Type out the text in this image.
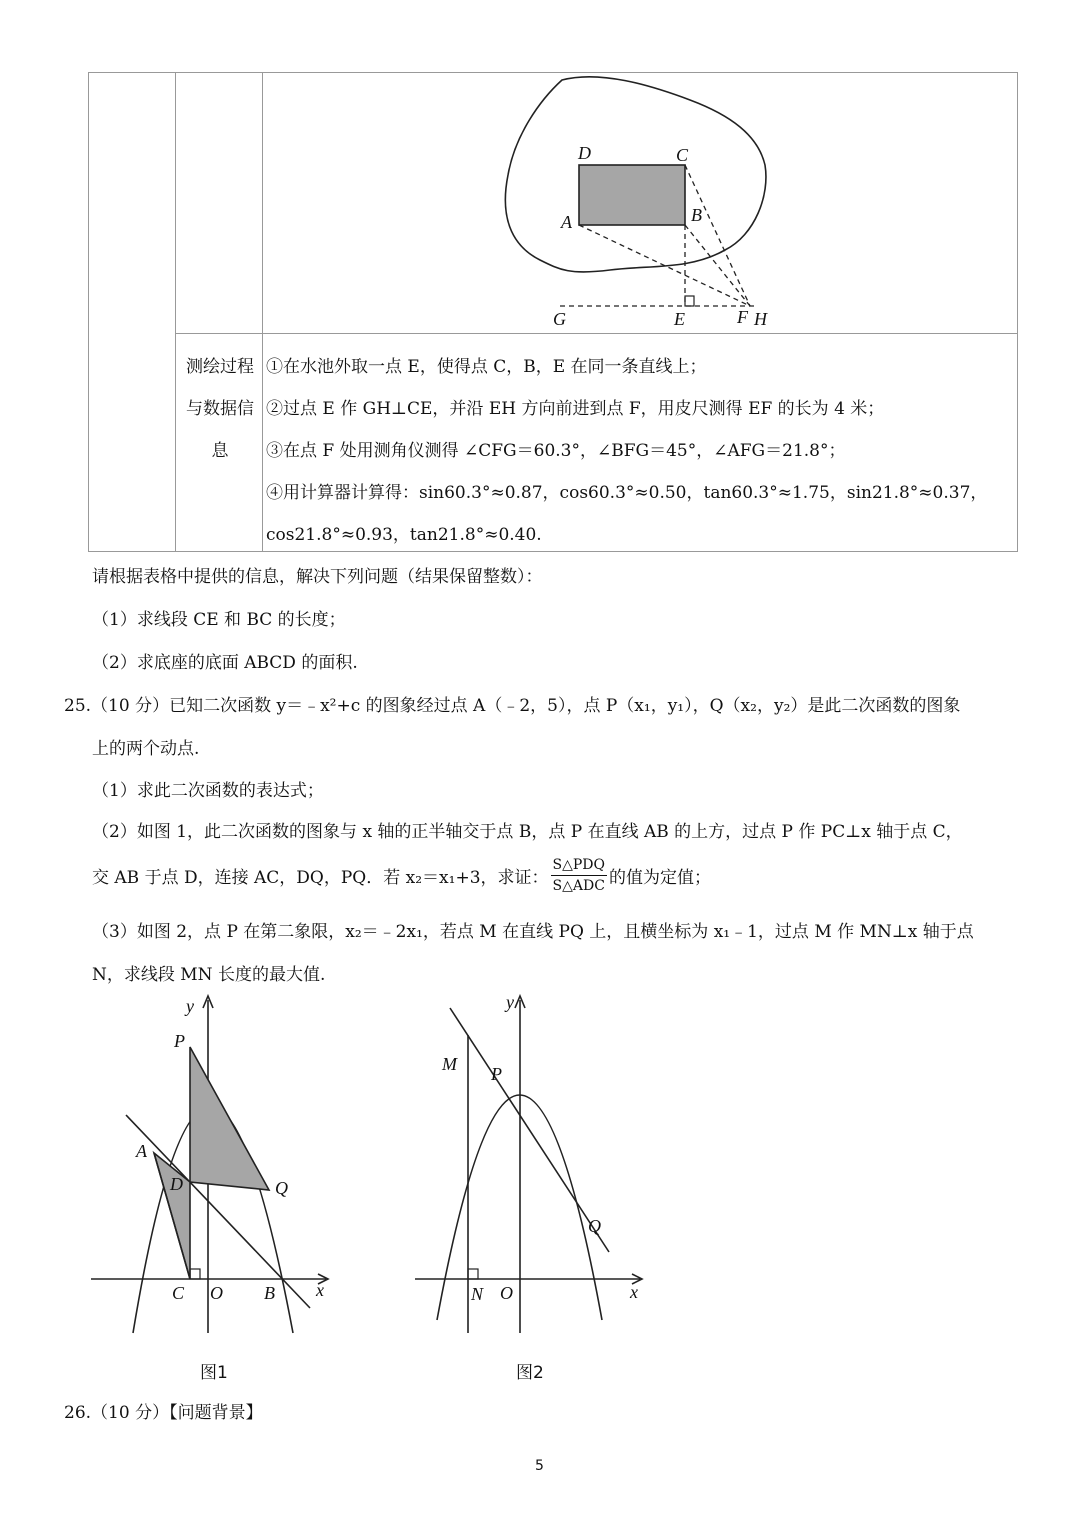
D	C
A	B
G	E	F H
测绘过程
与数据信
息
①在水池外取一点 E，使得点 C，B，E 在同一条直线上；
②过点 E 作 GH⊥CE，并沿 EH 方向前进到点 F，用皮尺测得 EF 的长为 4 米；
③在点 F 处用测角仪测得 ∠CFG＝60.3°，∠BFG＝45°，∠AFG＝21.8°；
④用计算器计算得：sin60.3°≈0.87，cos60.3°≈0.50，tan60.3°≈1.75，sin21.8°≈0.37，
cos21.8°≈0.93，tan21.8°≈0.40.
请根据表格中提供的信息，解决下列问题（结果保留整数）：
（1）求线段 CE 和 BC 的长度；
（2）求底座的底面 ABCD 的面积.
25.（10 分）已知二次函数 y＝﹣x²+c 的图象经过点 A（﹣2，5），点 P（x₁，y₁），Q（x₂，y₂）是此二次函数的图象
上的两个动点.
（1）求此二次函数的表达式；
（2）如图 1，此二次函数的图象与 x 轴的正半轴交于点 B，点 P 在直线 AB 的上方，过点 P 作 PC⊥x 轴于点 C，
交 AB 于点 D，连接 AC，DQ，PQ．若 x₂＝x₁+3，求证：
S△PDQ
S△ADC 的值为定值；
（3）如图 2，点 P 在第二象限，x₂＝﹣2x₁，若点 M 在直线 PQ 上，且横坐标为 x₁﹣1，过点 M 作 MN⊥x 轴于点
N，求线段 MN 长度的最大值.
y
P
A
D	Q
C O B x
图1
y
M P
Q
N O	x
图2
26.（10 分）【问题背景】
5
